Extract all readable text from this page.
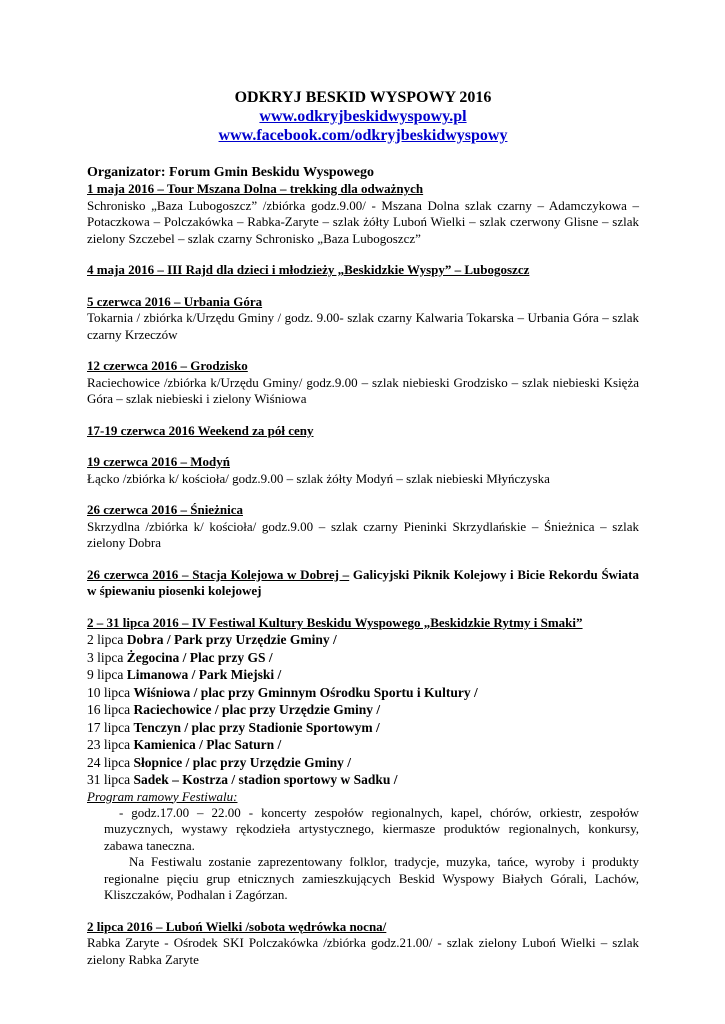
ODKRYJ BESKID WYSPOWY 2016
www.odkryjbeskidwyspowy.pl
www.facebook.com/odkryjbeskidwyspowy
Organizator: Forum Gmin Beskidu Wyspowego
1 maja 2016 – Tour Mszana Dolna – trekking dla odważnych
Schronisko „Baza Lubogoszcz” /zbiórka godz.9.00/ - Mszana Dolna szlak czarny – Adamczykowa – Potaczkowa – Polczakówka – Rabka-Zaryte – szlak żółty Luboń Wielki – szlak czerwony Glisne – szlak zielony Szczebel – szlak czarny Schronisko „Baza Lubogoszcz”
4 maja 2016 – III Rajd dla dzieci i młodzieży „Beskidzkie Wyspy” – Lubogoszcz
5 czerwca 2016 – Urbania Góra
Tokarnia / zbiórka k/Urzędu Gminy / godz. 9.00- szlak czarny Kalwaria Tokarska – Urbania Góra – szlak czarny Krzeczów
12 czerwca 2016 – Grodzisko
Raciechowice /zbiórka k/Urzędu Gminy/ godz.9.00 – szlak niebieski Grodzisko – szlak niebieski Księża Góra – szlak niebieski i zielony Wiśniowa
17-19 czerwca 2016 Weekend za pół ceny
19 czerwca 2016 – Modyń
Łącko /zbiórka k/ kościoła/ godz.9.00 – szlak żółty Modyń – szlak niebieski Młyńczyska
26 czerwca 2016 – Śnieżnica
Skrzydlna /zbiórka k/ kościoła/ godz.9.00 – szlak czarny Pieninki Skrzydlańskie – Śnieżnica – szlak zielony Dobra
26 czerwca 2016 – Stacja Kolejowa w Dobrej – Galicyjski Piknik Kolejowy i Bicie Rekordu Świata w śpiewaniu piosenki kolejowej
2 – 31 lipca 2016 – IV Festiwal Kultury Beskidu Wyspowego „Beskidzkie Rytmy i Smaki”
2 lipca Dobra / Park przy Urzędzie Gminy /
3 lipca Żegocina / Plac przy GS /
9 lipca Limanowa / Park Miejski /
10 lipca Wiśniowa / plac przy Gminnym Ośrodku Sportu i Kultury /
16 lipca Raciechowice / plac przy Urzędzie Gminy /
17 lipca Tenczyn / plac przy Stadionie Sportowym /
23 lipca Kamienica / Plac Saturn /
24 lipca Słopnice / plac przy Urzędzie Gminy /
31 lipca Sadek – Kostrza / stadion sportowy w Sadku /
Program ramowy Festiwalu:
- godz.17.00 – 22.00 - koncerty zespołów regionalnych, kapel, chórów, orkiestr, zespołów muzycznych, wystawy rękodzieła artystycznego, kiermasze produktów regionalnych, konkursy, zabawa taneczna.
Na Festiwalu zostanie zaprezentowany folklor, tradycje, muzyka, tańce, wyroby i produkty regionalne pięciu grup etnicznych zamieszkujących Beskid Wyspowy Białych Górali, Lachów, Kliszczaków, Podhalan i Zagórzan.
2 lipca 2016 – Luboń Wielki /sobota wędrówka nocna/
Rabka Zaryte - Ośrodek SKI Polczakówka /zbiórka godz.21.00/ - szlak zielony Luboń Wielki – szlak zielony Rabka Zaryte
